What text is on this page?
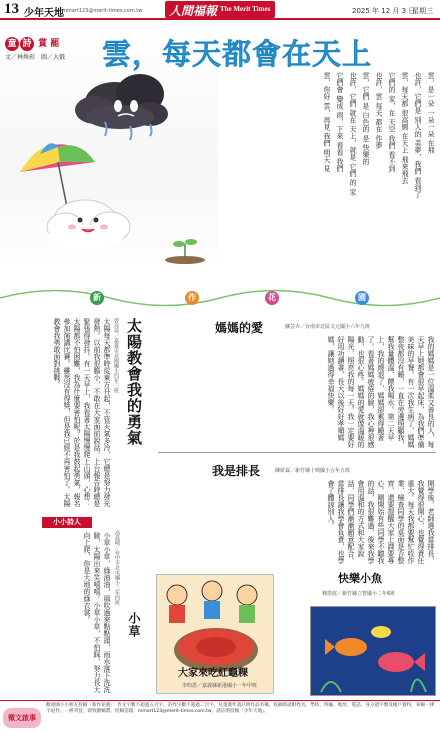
13 少年天地
mmart123@merit-times.com.tw 人間福報 The Merit Times	2025 年 12 月 3 日
星期三
童 詩 賞 罷
文／林煥彰　圖／大俄 雲，每天都會在天上

雲，是一朵 一朵一朵 在飛

也許，它們是 別人的 美夢，我們 看到了

雲，每天都 很高興 在天上 飛來飛去

它們的 家，在 天空 我們 看不到

也許，雲 每天 都在 作夢

雲，它們 是 白色的 是 快樂的

也許，它們 就在 天上，就是 它們 的 家

它們會 變成 雨，下來 看看 我們

雲，你好 雲，再見 我們 明天 見

新	作	花	園
媽媽的愛	蘇芸卉／台南市北區文元國小六年九班

我的媽媽是一位溫柔又善良的人，每天早上她都會很早起床，為我們準備美味的早餐。有一次我生病了，媽媽整夜都沒有睡，一直在旁邊照顧我，幫我量體溫、餵我喝水。第二天早上，我的燒退了，媽媽卻累得睡著了。看著媽媽疲倦的臉，我心裡很感動，也很心疼。媽媽的愛就像溫暖的陽光，照亮我的每一天。我一定要好好用功讀書，長大以後好好孝順媽媽，讓她過得幸福快樂。

太陽教會我的勇氣
曾亮瑄／嘉義市北園國小四年三班

太陽每天都準時從東方升起，不管天氣多冷，它總是努力發光發熱。以前我很膽小，不敢在大家面前說話，上台報告時總是緊張得發抖。有一天早上，我看著太陽慢慢爬上山頭，心想：太陽都不怕困難，我為什麼要害怕呢？於是我鼓起勇氣，報名參加演講比賽。雖然沒有得獎，但是我已經不再害怕了。太陽教會我勇敢面對挑戰。

我是排長	陳妍霖／新竹縣十興國小五年五班

開學後，老師選我當排長，我覺得很開心，也覺得責任重大。每天我都要幫忙收作業、檢查同學的桌面是否整齊，還要提醒大家上課要專心。剛開始有些同學不聽我的話，我很難過，後來我學會用溫和的方式和大家說話，同學們漸漸願意配合。當排長讓我學會負責，也學會了體諒別人。

小小詩人
小草
高晨晴／台中市北屯國小三年四班

小草小草，綠油油，風吹過來點點頭，雨水落下洗洗臉，太陽出來笑嘻嘻。小草小草，不怕踩，努力長大向上爬，你是大地的綠衣裳。

大家來吃紅龜粿
李昀恩／嘉義縣新港國小一年甲班
快樂小魚
穆恩庭／新竹縣立智國小二年6班
徵文啟事
歡迎國小小朋友投稿「新作花園」：作文字數不超過五百字，詩作字數不超過二百字，兒童畫作請註明作品名稱。投稿時請附姓名、學校、班級、地址、電話、身分證字號及帳戶資料，來稿一律不退件。一經刊登，即致贈稿費。投稿信箱：mmart123@merit-times.com.tw，請註明投稿「少年天地」。
